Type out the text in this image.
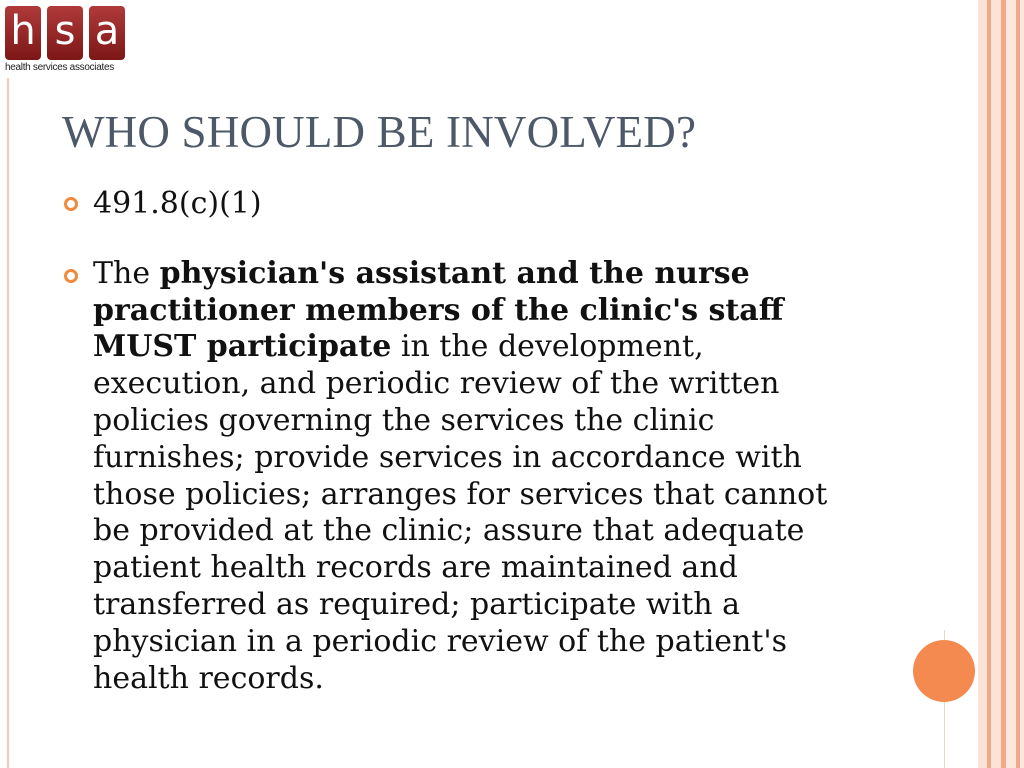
h s a
health services associates
WHO SHOULD BE INVOLVED?
491.8(c)(1)
The physician's assistant and the nurse practitioner members of the clinic's staff MUST participate in the development, execution, and periodic review of the written policies governing the services the clinic furnishes; provide services in accordance with those policies; arranges for services that cannot be provided at the clinic; assure that adequate patient health records are maintained and transferred as required; participate with a physician in a periodic review of the patient's health records.
